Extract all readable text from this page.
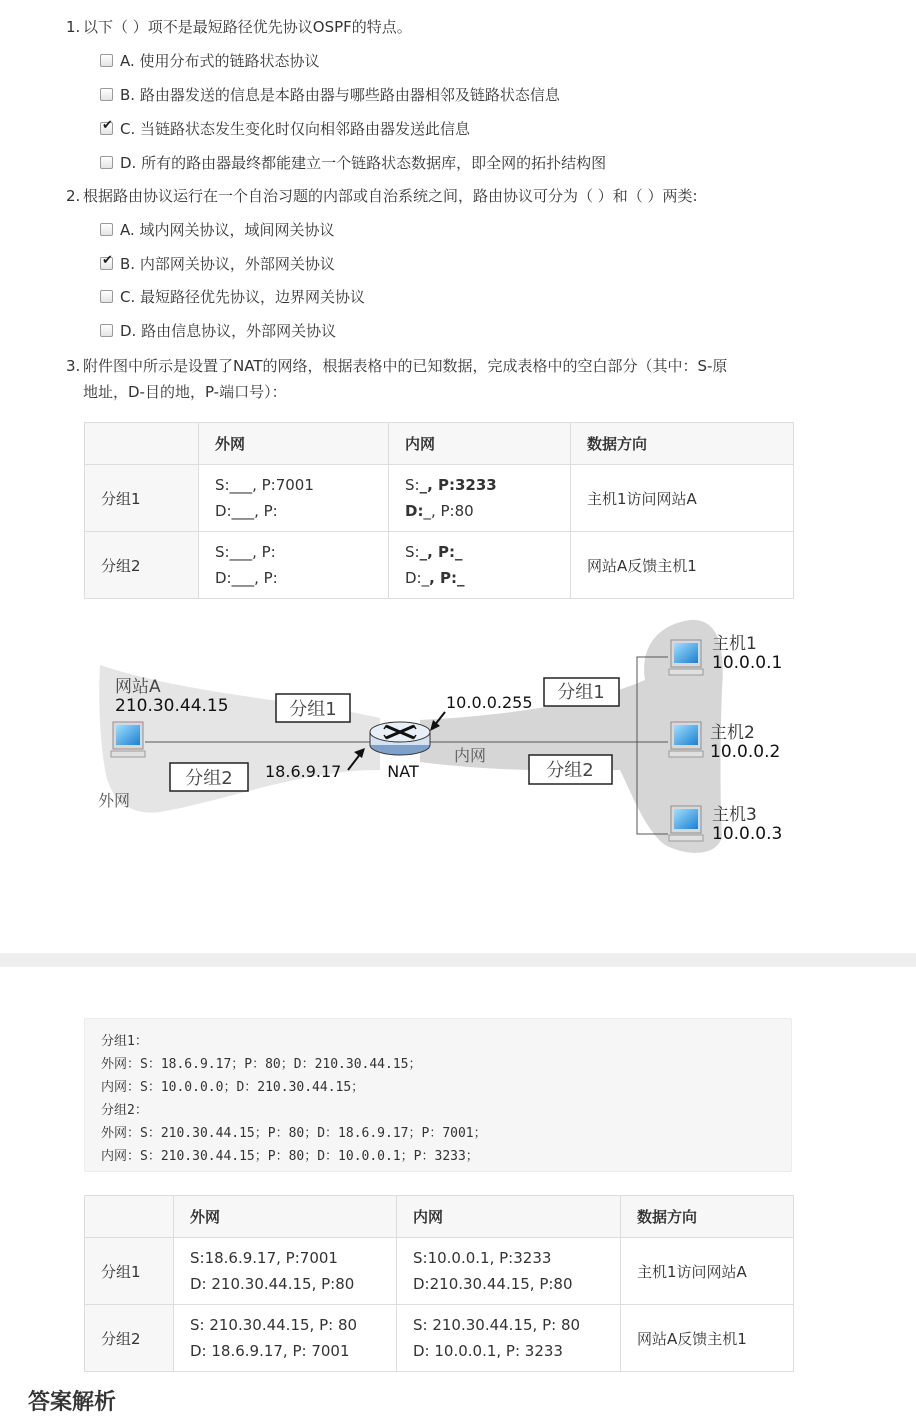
1. 以下（ ）项不是最短路径优先协议OSPF的特点。
A. 使用分布式的链路状态协议
B. 路由器发送的信息是本路由器与哪些路由器相邻及链路状态信息
✔ C. 当链路状态发生变化时仅向相邻路由器发送此信息
D. 所有的路由器最终都能建立一个链路状态数据库，即全网的拓扑结构图
2. 根据路由协议运行在一个自治习题的内部或自治系统之间，路由协议可分为（ ）和（ ）两类:
A. 域内网关协议，域间网关协议
✔ B. 内部网关协议，外部网关协议
C. 最短路径优先协议，边界网关协议
D. 路由信息协议，外部网关协议
3. 附件图中所示是设置了NAT的网络，根据表格中的已知数据，完成表格中的空白部分（其中：S-原
地址，D-目的地，P-端口号）：
	外网	内网	数据方向
分组1	S:___, P:7001
D:___, P:	S:_, P:3233
D:_, P:80	主机1访问网站A
分组2	S:___, P:
D:___, P:	S:_, P:_
D:_, P:_	网站A反馈主机1
网站A
210.30.44.15	分组1
分组2
分组1
分组2
18.6.9.17
10.0.0.255
NAT
内网
外网
主机1
10.0.0.1
主机2
10.0.0.2
主机3
10.0.0.3
分组1：
外网：S：18.6.9.17；P：80；D：210.30.44.15；
内网：S：10.0.0.0；D：210.30.44.15；
分组2：
外网：S：210.30.44.15；P：80；D：18.6.9.17；P：7001；
内网：S：210.30.44.15；P：80；D：10.0.0.1；P：3233；
	外网	内网	数据方向
分组1	S:18.6.9.17, P:7001
D: 210.30.44.15, P:80	S:10.0.0.1, P:3233
D:210.30.44.15, P:80	主机1访问网站A
分组2	S: 210.30.44.15, P: 80
D: 18.6.9.17, P: 7001	S: 210.30.44.15, P: 80
D: 10.0.0.1, P: 3233	网站A反馈主机1
答案解析
